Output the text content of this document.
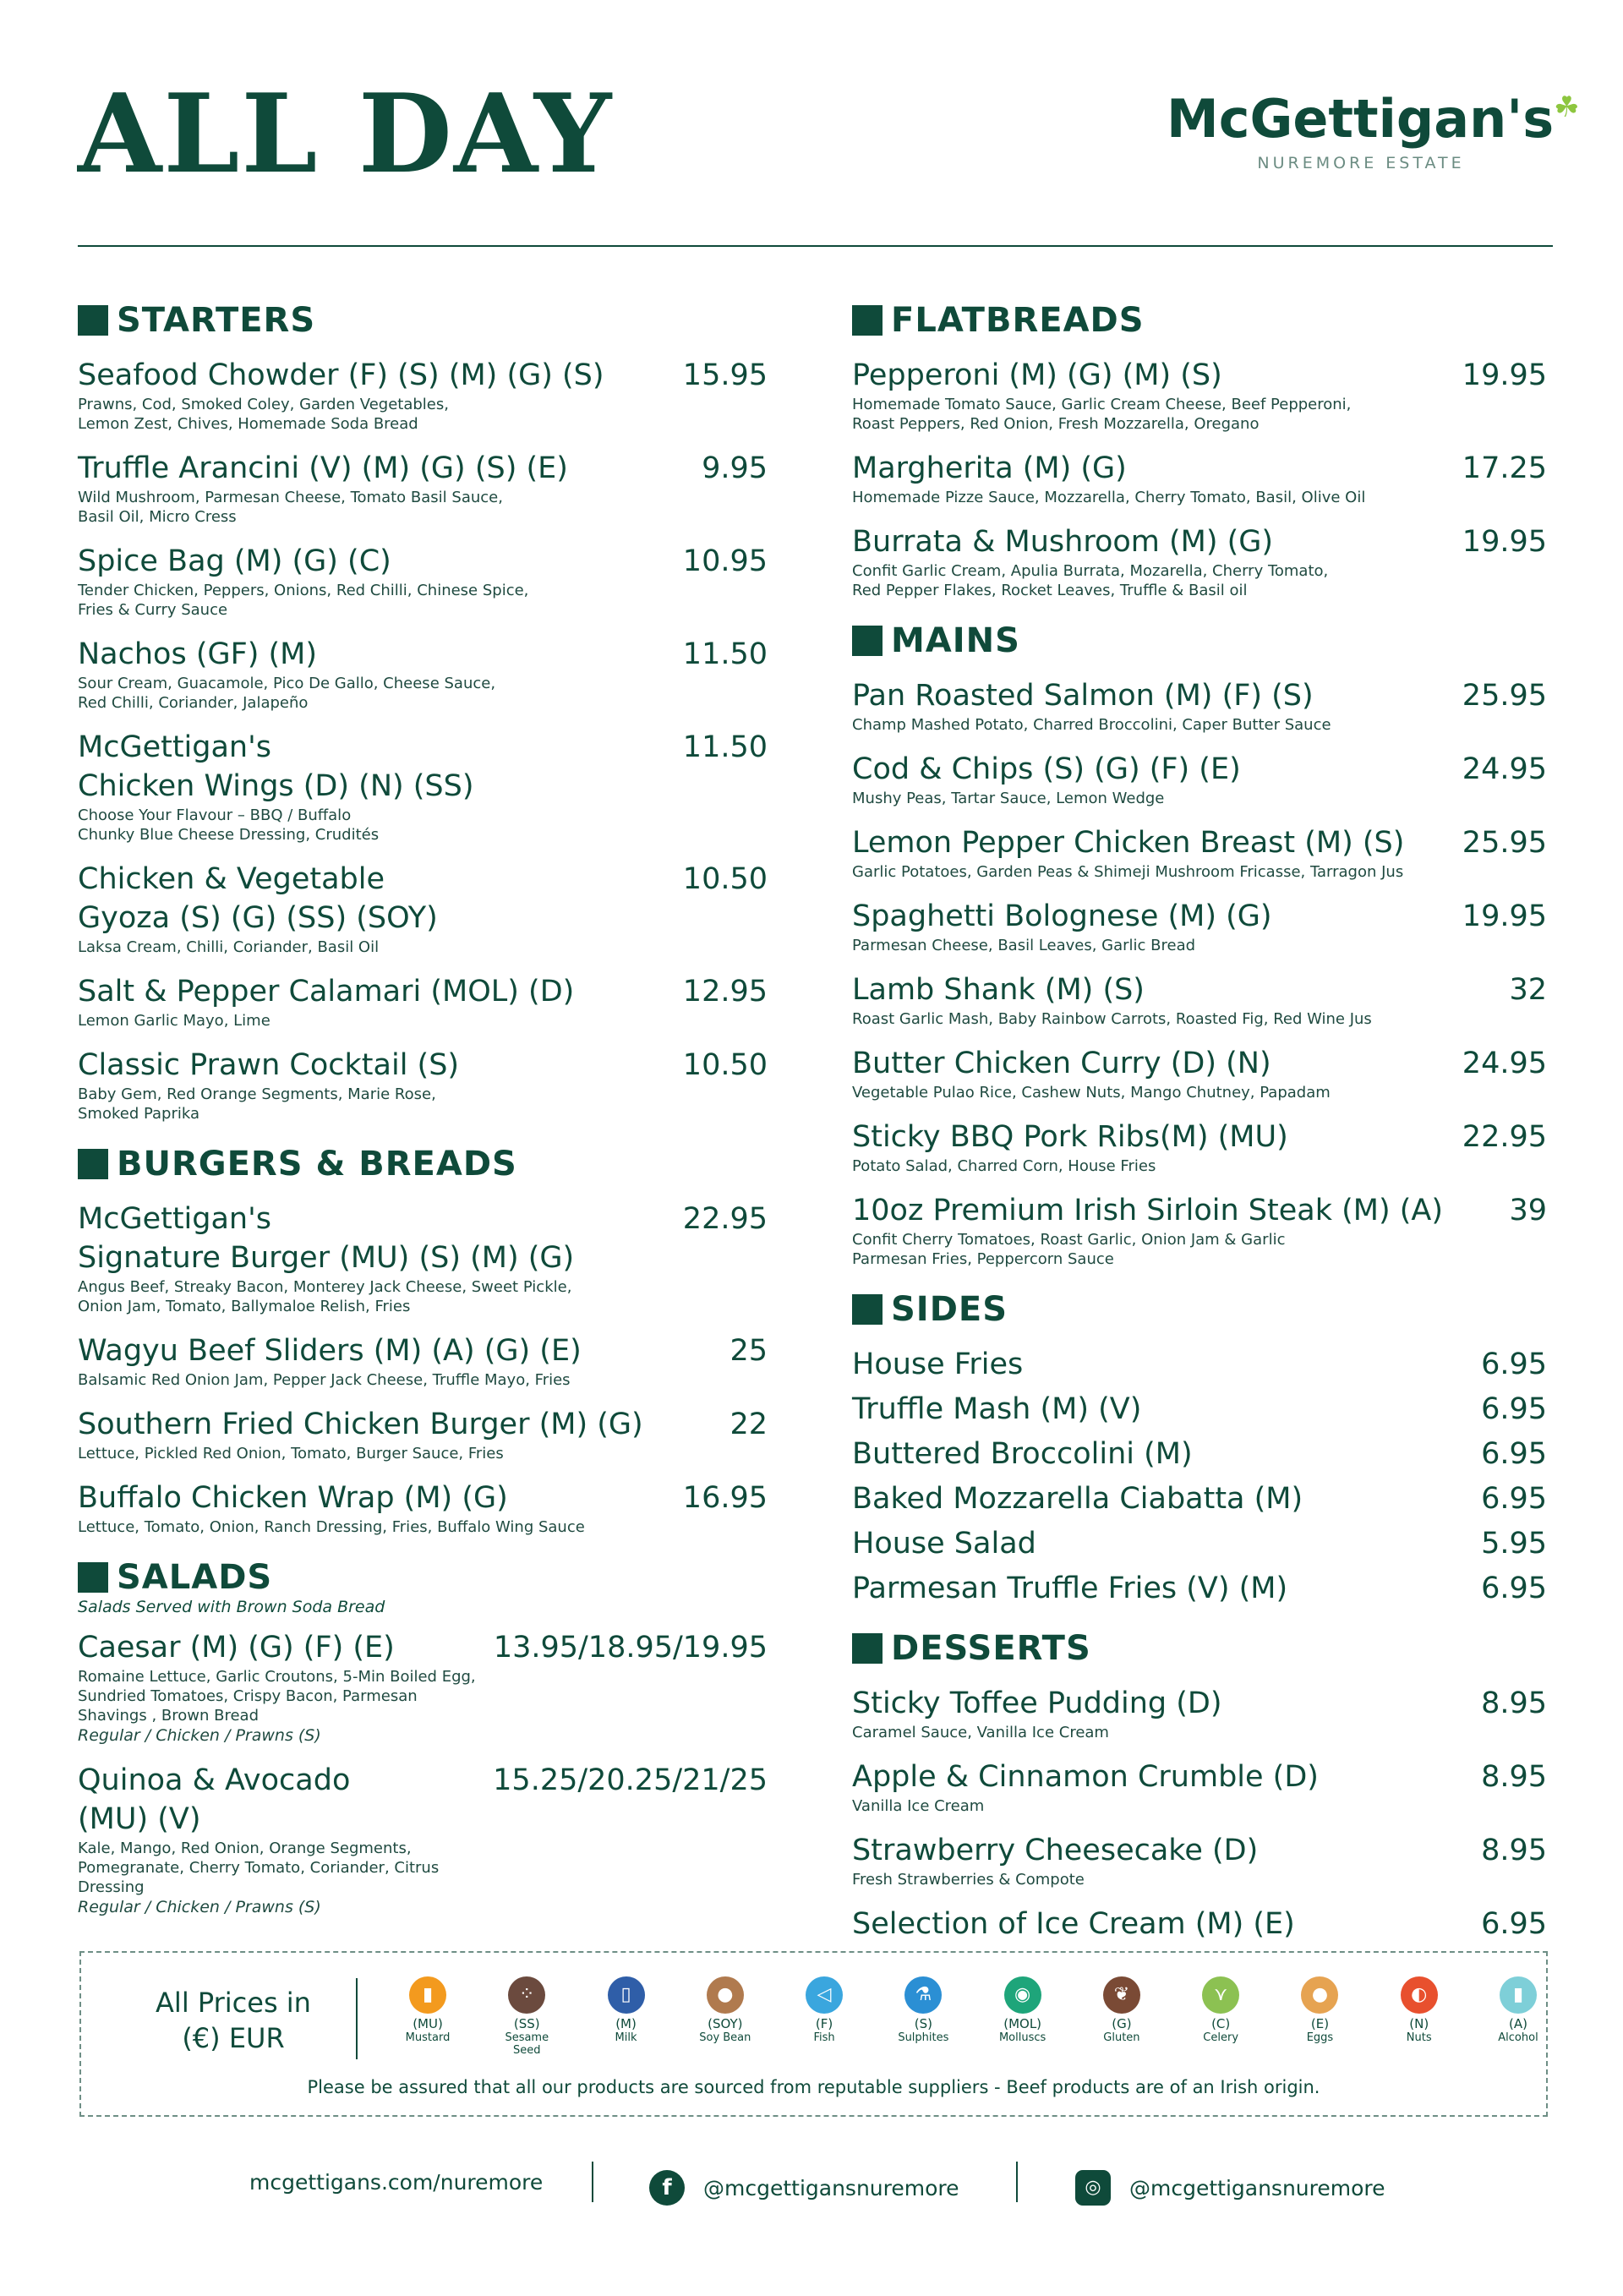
ALL DAY	McGettigan's☘
NUREMORE ESTATE
STARTERS
Seafood Chowder (F) (S) (M) (G) (S)
Prawns, Cod, Smoked Coley, Garden Vegetables,
Lemon Zest, Chives, Homemade Soda Bread
15.95
Truffle Arancini (V) (M) (G) (S) (E)
Wild Mushroom, Parmesan Cheese, Tomato Basil Sauce,
Basil Oil, Micro Cress
9.95
Spice Bag (M) (G) (C)
Tender Chicken, Peppers, Onions, Red Chilli, Chinese Spice,
Fries & Curry Sauce
10.95
Nachos (GF) (M)
Sour Cream, Guacamole, Pico De Gallo, Cheese Sauce,
Red Chilli, Coriander, Jalapeño
11.50
McGettigan's
Chicken Wings (D) (N) (SS)
Choose Your Flavour – BBQ / Buffalo
Chunky Blue Cheese Dressing, Crudités
11.50
Chicken & Vegetable
Gyoza (S) (G) (SS) (SOY)
Laksa Cream, Chilli, Coriander, Basil Oil
10.50
Salt & Pepper Calamari (MOL) (D)
Lemon Garlic Mayo, Lime
12.95
Classic Prawn Cocktail (S)
Baby Gem, Red Orange Segments, Marie Rose,
Smoked Paprika
10.50
BURGERS & BREADS
McGettigan's
Signature Burger (MU) (S) (M) (G)
Angus Beef, Streaky Bacon, Monterey Jack Cheese, Sweet Pickle,
Onion Jam, Tomato, Ballymaloe Relish, Fries
22.95
Wagyu Beef Sliders (M) (A) (G) (E)
Balsamic Red Onion Jam, Pepper Jack Cheese, Truffle Mayo, Fries
25
Southern Fried Chicken Burger (M) (G)
Lettuce, Pickled Red Onion, Tomato, Burger Sauce, Fries
22
Buffalo Chicken Wrap (M) (G)
Lettuce, Tomato, Onion, Ranch Dressing, Fries, Buffalo Wing Sauce
16.95
SALADS
Salads Served with Brown Soda Bread
Caesar (M) (G) (F) (E)
Romaine Lettuce, Garlic Croutons, 5-Min Boiled Egg,
Sundried Tomatoes, Crispy Bacon, Parmesan Shavings , Brown Bread
Regular / Chicken / Prawns (S)
13.95/18.95/19.95
Quinoa & Avocado
(MU) (V)
Kale, Mango, Red Onion, Orange Segments,
Pomegranate, Cherry Tomato, Coriander, Citrus Dressing
Regular / Chicken / Prawns (S)
15.25/20.25/21/25
FLATBREADS
Pepperoni (M) (G) (M) (S)
Homemade Tomato Sauce, Garlic Cream Cheese, Beef Pepperoni,
Roast Peppers, Red Onion, Fresh Mozzarella, Oregano
19.95
Margherita (M) (G)
Homemade Pizze Sauce, Mozzarella, Cherry Tomato, Basil, Olive Oil
17.25
Burrata & Mushroom (M) (G)
Confit Garlic Cream, Apulia Burrata, Mozarella, Cherry Tomato,
Red Pepper Flakes, Rocket Leaves, Truffle & Basil oil
19.95
MAINS
Pan Roasted Salmon (M) (F) (S)
Champ Mashed Potato, Charred Broccolini, Caper Butter Sauce
25.95
Cod & Chips (S) (G) (F) (E)
Mushy Peas, Tartar Sauce, Lemon Wedge
24.95
Lemon Pepper Chicken Breast (M) (S)
Garlic Potatoes, Garden Peas & Shimeji Mushroom Fricasse, Tarragon Jus
25.95
Spaghetti Bolognese (M) (G)
Parmesan Cheese, Basil Leaves, Garlic Bread
19.95
Lamb Shank (M) (S)
Roast Garlic Mash, Baby Rainbow Carrots, Roasted Fig, Red Wine Jus
32
Butter Chicken Curry (D) (N)
Vegetable Pulao Rice, Cashew Nuts, Mango Chutney, Papadam
24.95
Sticky BBQ Pork Ribs(M) (MU)
Potato Salad, Charred Corn, House Fries
22.95
10oz Premium Irish Sirloin Steak (M) (A)
Confit Cherry Tomatoes, Roast Garlic, Onion Jam & Garlic
Parmesan Fries, Peppercorn Sauce
39
SIDES
House Fries	6.95
Truffle Mash (M) (V)	6.95
Buttered Broccolini (M)	6.95
Baked Mozzarella Ciabatta (M)	6.95
House Salad	5.95
Parmesan Truffle Fries (V) (M)	6.95
DESSERTS
Sticky Toffee Pudding (D)
Caramel Sauce, Vanilla Ice Cream
8.95
Apple & Cinnamon Crumble (D)
Vanilla Ice Cream
8.95
Strawberry Cheesecake (D)
Fresh Strawberries & Compote
8.95
Selection of Ice Cream (M) (E)	6.95
All Prices in
(€) EUR
▮
(MU)
Mustard
⁘
(SS)
Sesame
Seed
▯
(M)
Milk
●
(SOY)
Soy Bean
◁
(F)
Fish
⚗
(S)
Sulphites
◉
(MOL)
Molluscs
❦
(G)
Gluten
⋎
(C)
Celery
●
(E)
Eggs
◐
(N)
Nuts
▮
(A)
Alcohol
Please be assured that all our products are sourced from reputable suppliers - Beef products are of an Irish origin.
mcgettigans.com/nuremore	f	@mcgettigansnuremore	◎	@mcgettigansnuremore
